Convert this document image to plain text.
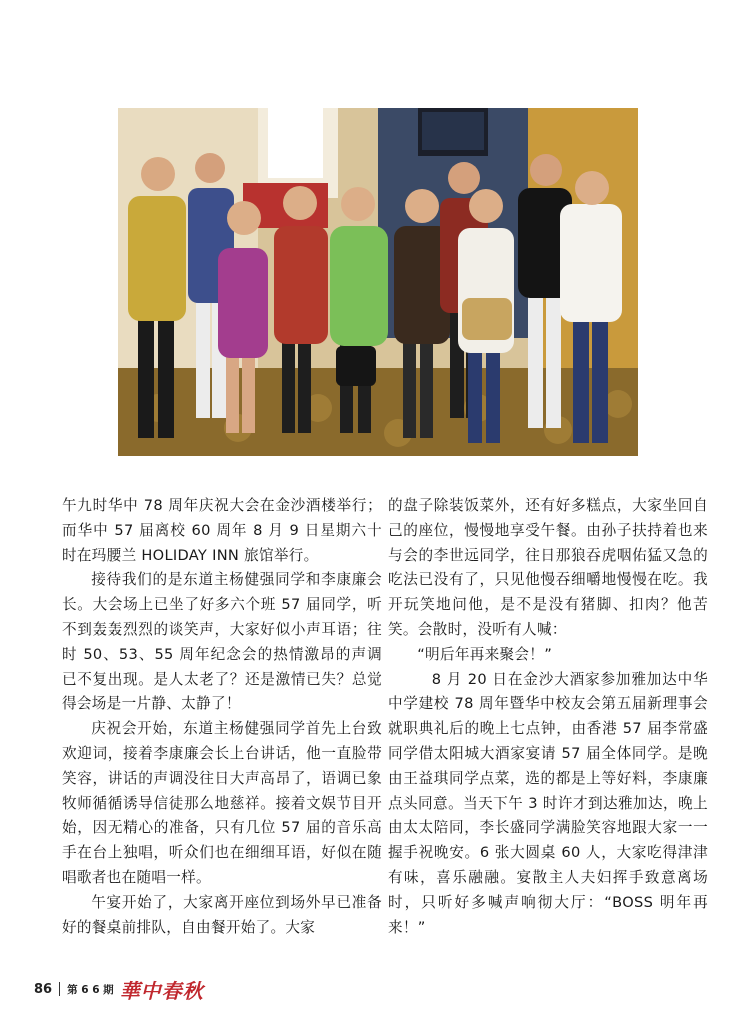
午九时华中 78 周年庆祝大会在金沙酒楼举行；而华中 57 届离校 60 周年 8 月 9 日星期六十时在玛腰兰 HOLIDAY INN 旅馆举行。

接待我们的是东道主杨健强同学和李康廉会长。大会场上已坐了好多六个班 57 届同学，听不到轰轰烈烈的谈笑声，大家好似小声耳语；往时 50、53、55 周年纪念会的热情激昂的声调已不复出现。是人太老了？还是激情已失？总觉得会场是一片静、太静了！

庆祝会开始，东道主杨健强同学首先上台致欢迎词，接着李康廉会长上台讲话，他一直脸带笑容，讲话的声调没往日大声高昂了，语调已象牧师循循诱导信徒那么地慈祥。接着文娱节目开始，因无精心的准备，只有几位 57 届的音乐高手在台上独唱，听众们也在细细耳语，好似在随唱歌者也在随唱一样。

午宴开始了，大家离开座位到场外早已准备好的餐桌前排队，自由餐开始了。大家

的盘子除装饭菜外，还有好多糕点，大家坐回自己的座位，慢慢地享受午餐。由孙子扶持着也来与会的李世远同学，往日那狼吞虎咽佑猛又急的吃法已没有了，只见他慢吞细嚼地慢慢在吃。我开玩笑地问他，是不是没有猪脚、扣肉？他苦笑。会散时，没听有人喊：

“明后年再来聚会！”

8 月 20 日在金沙大酒家参加雅加达中华中学建校 78 周年暨华中校友会第五届新理事会就职典礼后的晚上七点钟，由香港 57 届李常盛同学借太阳城大酒家宴请 57 届全体同学。是晚由王益琪同学点菜，选的都是上等好料，李康廉点头同意。当天下午 3 时许才到达雅加达，晚上由太太陪同，李长盛同学满脸笑容地跟大家一一握手祝晚安。6 张大圆桌 60 人，大家吃得津津有味，喜乐融融。宴散主人夫妇挥手致意离场时，只听好多喊声响彻大厅：“BOSS 明年再来！”

86 第 6 6 期 華中春秋
